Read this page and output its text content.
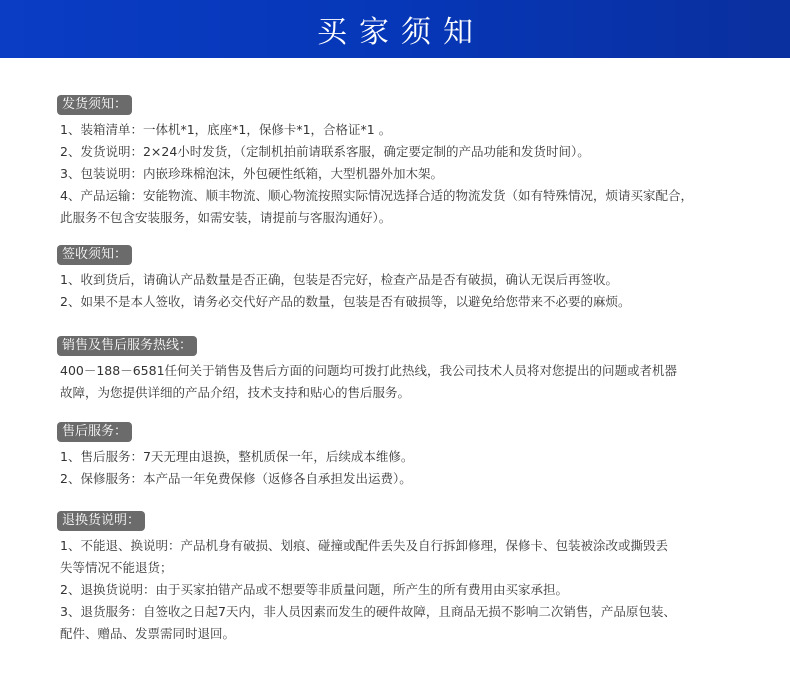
买家须知
发货须知：
1、装箱清单：一体机*1，底座*1，保修卡*1，合格证*1 。
2、发货说明：2×24小时发货，（定制机拍前请联系客服，确定要定制的产品功能和发货时间）。
3、包装说明：内嵌珍珠棉泡沫，外包硬性纸箱，大型机器外加木架。
4、产品运输：安能物流、顺丰物流、顺心物流按照实际情况选择合适的物流发货（如有特殊情况，烦请买家配合，
此服务不包含安装服务，如需安装，请提前与客服沟通好）。
签收须知：
1、收到货后，请确认产品数量是否正确，包装是否完好，检查产品是否有破损，确认无误后再签收。
2、如果不是本人签收，请务必交代好产品的数量，包装是否有破损等，以避免给您带来不必要的麻烦。
销售及售后服务热线：
400－188－6581任何关于销售及售后方面的问题均可拨打此热线，我公司技术人员将对您提出的问题或者机器
故障，为您提供详细的产品介绍，技术支持和贴心的售后服务。
售后服务：
1、售后服务：7天无理由退换，整机质保一年，后续成本维修。
2、保修服务：本产品一年免费保修（返修各自承担发出运费）。
退换货说明：
1、不能退、换说明：产品机身有破损、划痕、碰撞或配件丢失及自行拆卸修理，保修卡、包装被涂改或撕毁丢
失等情况不能退货；
2、退换货说明：由于买家拍错产品或不想要等非质量问题，所产生的所有费用由买家承担。
3、退货服务：自签收之日起7天内，非人员因素而发生的硬件故障，且商品无损不影响二次销售，产品原包装、
配件、赠品、发票需同时退回。
